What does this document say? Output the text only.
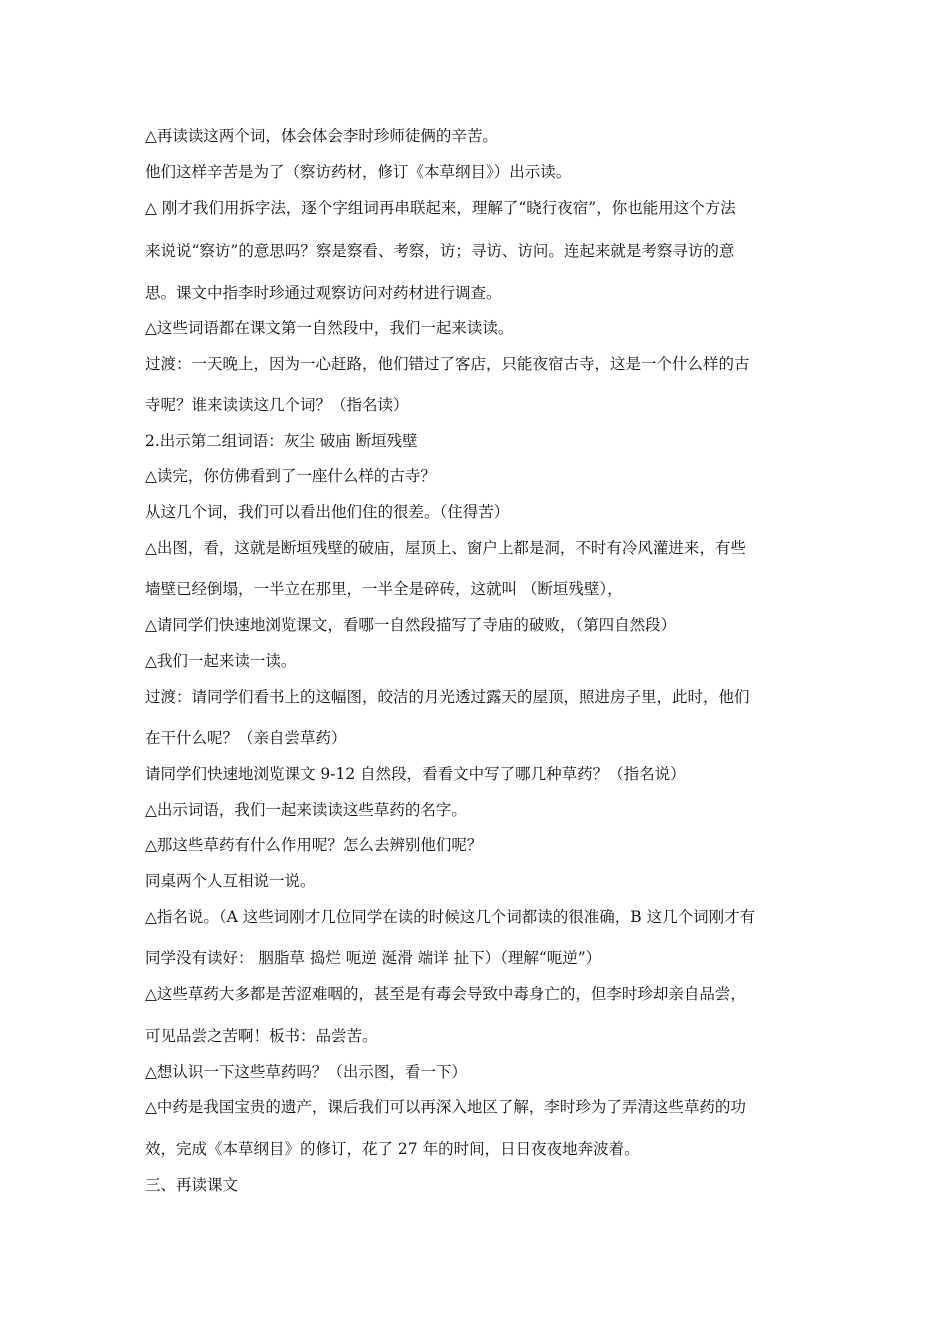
△再读读这两个词，体会体会李时珍师徒俩的辛苦。
他们这样辛苦是为了（察访药材，修订《本草纲目》）出示读。
△ 刚才我们用拆字法，逐个字组词再串联起来，理解了“晓行夜宿”，你也能用这个方法
来说说“察访”的意思吗？察是察看、考察，访；寻访、访问。连起来就是考察寻访的意
思。课文中指李时珍通过观察访问对药材进行调查。
△这些词语都在课文第一自然段中，我们一起来读读。
过渡：一天晚上，因为一心赶路，他们错过了客店，只能夜宿古寺，这是一个什么样的古
寺呢？谁来读读这几个词？（指名读）
2.出示第二组词语：灰尘 破庙 断垣残壁
△读完，你仿佛看到了一座什么样的古寺？
从这几个词，我们可以看出他们住的很差。（住得苦）
△出图，看，这就是断垣残壁的破庙，屋顶上、窗户上都是洞，不时有冷风灌进来，有些
墙壁已经倒塌，一半立在那里，一半全是碎砖，这就叫 （断垣残壁），
△请同学们快速地浏览课文，看哪一自然段描写了寺庙的破败，（第四自然段）
△我们一起来读一读。
过渡：请同学们看书上的这幅图，皎洁的月光透过露天的屋顶，照进房子里，此时，他们
在干什么呢？（亲自尝草药）
请同学们快速地浏览课文 9-12 自然段，看看文中写了哪几种草药？（指名说）
△出示词语，我们一起来读读这些草药的名字。
△那这些草药有什么作用呢？怎么去辨别他们呢？
同桌两个人互相说一说。
△指名说。（A 这些词刚才几位同学在读的时候这几个词都读的很准确，B 这几个词刚才有
同学没有读好： 胭脂草 捣烂 呃逆 涎滑 端详 扯下）（理解“呃逆”）
△这些草药大多都是苦涩难咽的，甚至是有毒会导致中毒身亡的，但李时珍却亲自品尝，
可见品尝之苦啊！板书：品尝苦。
△想认识一下这些草药吗？（出示图，看一下）
△中药是我国宝贵的遗产，课后我们可以再深入地区了解，李时珍为了弄清这些草药的功
效，完成《本草纲目》的修订，花了 27 年的时间，日日夜夜地奔波着。
三、再读课文
